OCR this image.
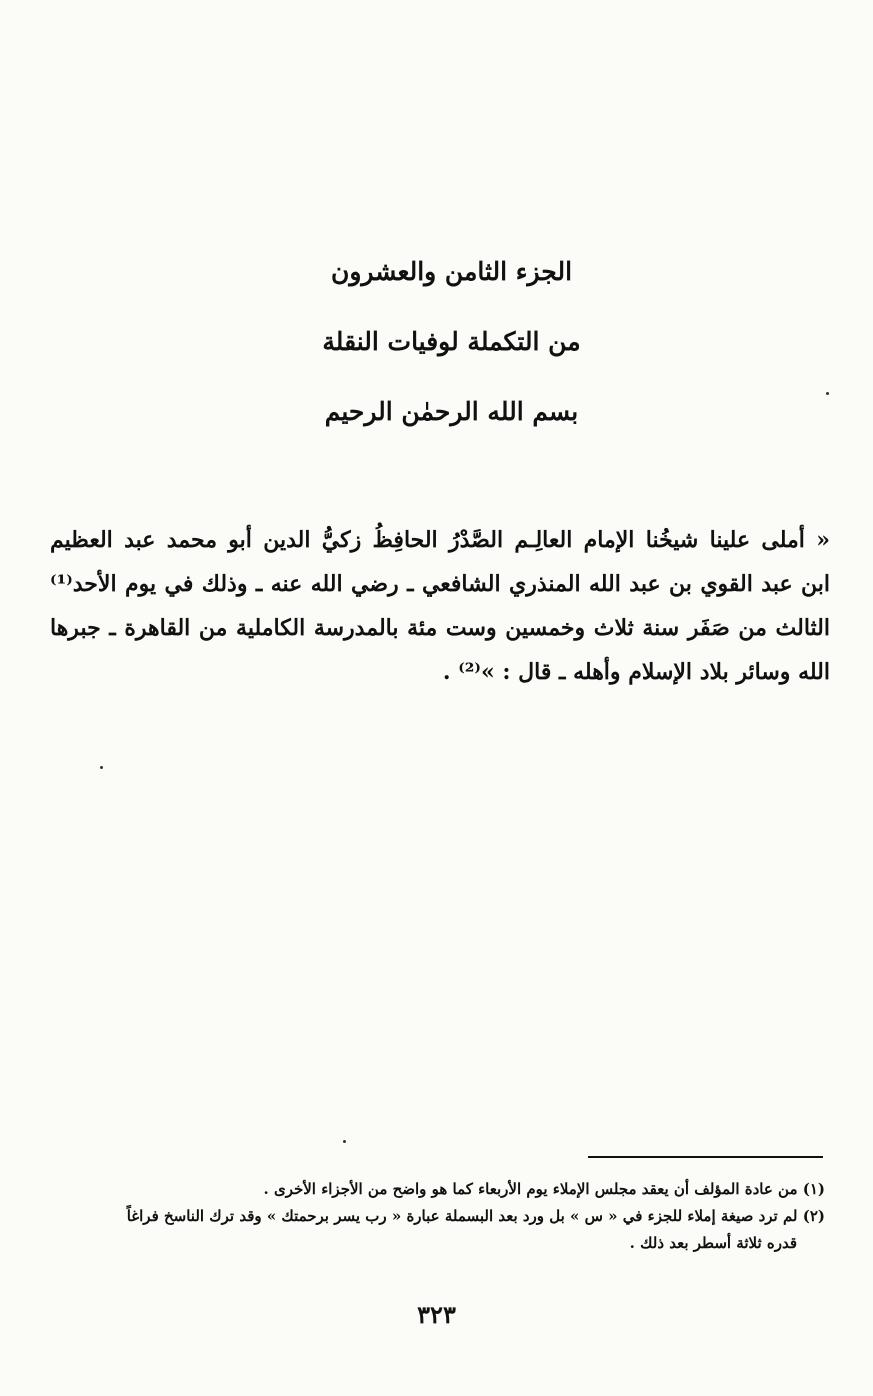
الجزء الثامن والعشرون
من التكملة لوفيات النقلة
بسم الله الرحمٰن الرحيم
« أملى علينا شيخُنا الإمام العالِـم الصَّدْرُ الحافِظُ زكيُّ الدين أبو محمد عبد العظيم
ابن عبد القوي بن عبد الله المنذري الشافعي ـ رضي الله عنه ـ وذلك في يوم الأحد⁽¹⁾
الثالث من صَفَر سنة ثلاث وخمسين وست مئة بالمدرسة الكاملية من القاهرة ـ جبرها
الله وسائر بلاد الإسلام وأهله ـ قال : »⁽²⁾ .
(١) من عادة المؤلف أن يعقد مجلس الإملاء يوم الأربعاء كما هو واضح من الأجزاء الأخرى .
(٢) لم ترد صيغة إملاء للجزء في « س » بل ورد بعد البسملة عبارة « رب يسر برحمتك » وقد ترك الناسخ فراغاً
قدره ثلاثة أسطر بعد ذلك .
٣٢٣
